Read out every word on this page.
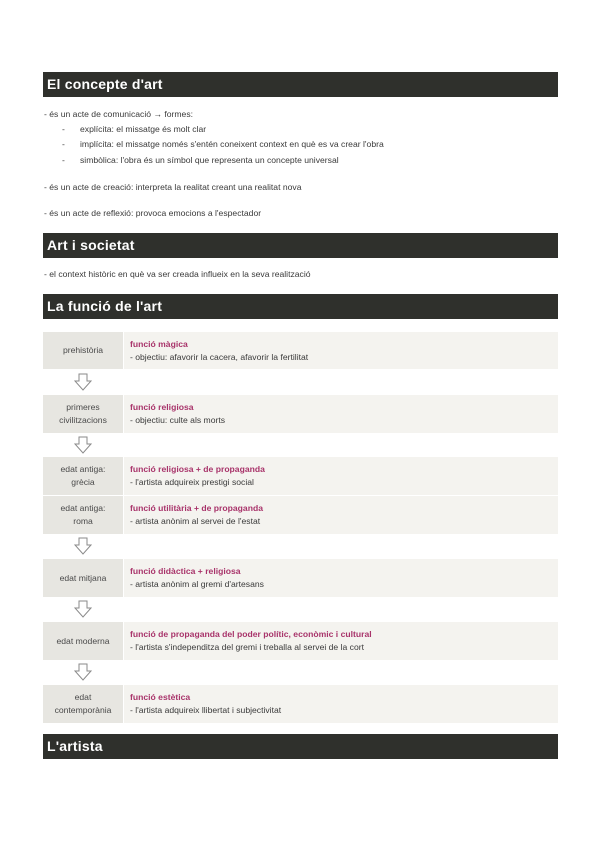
El concepte d'art
- és un acte de comunicació → formes:
- explícita: el missatge és molt clar
- implícita: el missatge només s'entén coneixent context en què es va crear l'obra
- simbòlica: l'obra és un símbol que representa un concepte universal
- és un acte de creació: interpreta la realitat creant una realitat nova
- és un acte de reflexió: provoca emocions a l'espectador
Art i societat
- el context històric en què va ser creada influeix en la seva realització
La funció de l'art
prehistòria
funció màgica
- objectiu: afavorir la cacera, afavorir la fertilitat
primeres
civilitzacions
funció religiosa
- objectiu: culte als morts
edat antiga:
grècia
funció religiosa + de propaganda
- l'artista adquireix prestigi social
edat antiga:
roma
funció utilitària + de propaganda
- artista anònim al servei de l'estat
edat mitjana
funció didàctica + religiosa
- artista anònim al gremi d'artesans
edat moderna
funció de propaganda del poder polític, econòmic i cultural
- l'artista s'independitza del gremi i treballa al servei de la cort
edat
contemporània
funció estètica
- l'artista adquireix llibertat i subjectivitat
L'artista
